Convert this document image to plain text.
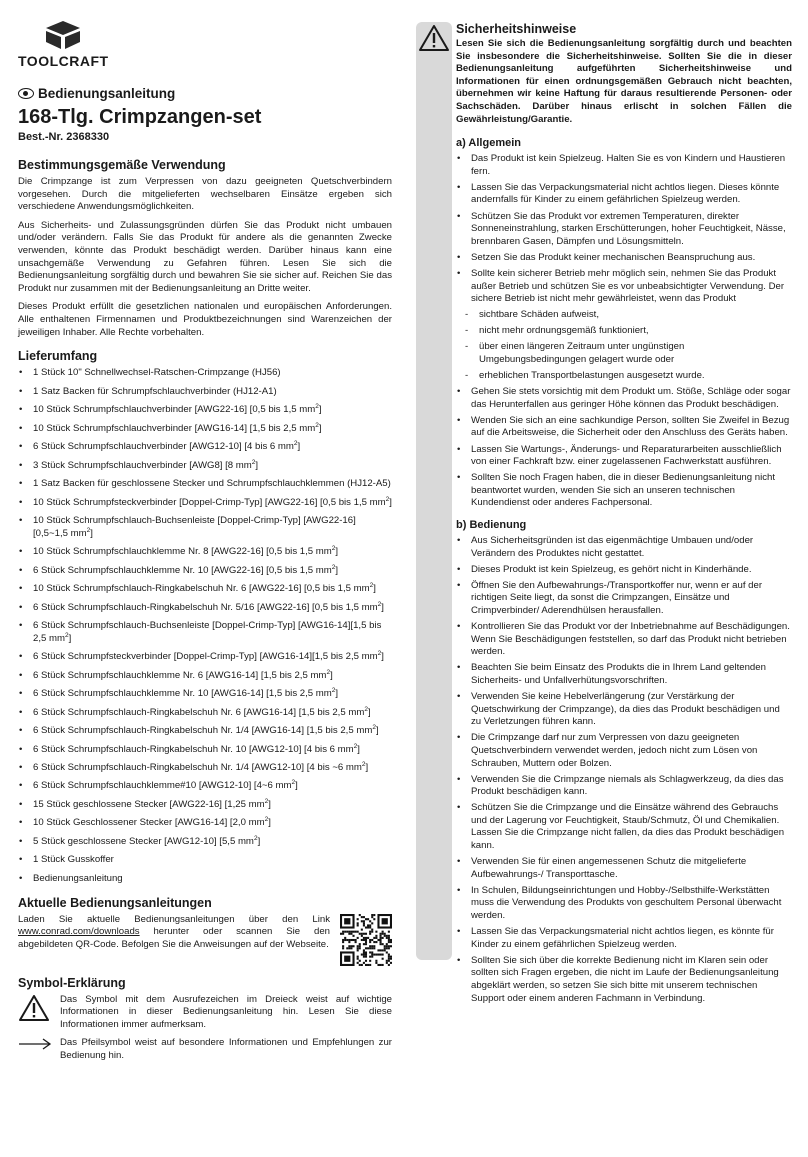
TOOLCRAFT
Bedienungsanleitung
168-Tlg. Crimpzangen-set
Best.-Nr. 2368330
Bestimmungsgemäße Verwendung

Die Crimpzange ist zum Verpressen von dazu geeigneten Quetschverbindern vorgesehen. Durch die mitgelieferten wechselbaren Einsätze ergeben sich verschiedene Anwendungsmöglichkeiten.

Aus Sicherheits- und Zulassungsgründen dürfen Sie das Produkt nicht umbauen und/oder verändern. Falls Sie das Produkt für andere als die genannten Zwecke verwenden, könnte das Produkt beschädigt werden. Darüber hinaus kann eine unsachgemäße Verwendung zu Gefahren führen. Lesen Sie sich die Bedienungsanleitung sorgfältig durch und bewahren Sie sie sicher auf. Reichen Sie das Produkt nur zusammen mit der Bedienungsanleitung an Dritte weiter.

Dieses Produkt erfüllt die gesetzlichen nationalen und europäischen Anforderungen. Alle enthaltenen Firmennamen und Produktbezeichnungen sind Warenzeichen der jeweiligen Inhaber. Alle Rechte vorbehalten.

Lieferumfang
• 1 Stück 10" Schnellwechsel-Ratschen-Crimpzange (HJ56)
• 1 Satz Backen für Schrumpfschlauchverbinder (HJ12-A1)
• 10 Stück Schrumpfschlauchverbinder [AWG22-16] [0,5 bis 1,5 $mm^2$]
• 10 Stück Schrumpfschlauchverbinder [AWG16-14] [1,5 bis 2,5 $mm^2$]
• 6 Stück Schrumpfschlauchverbinder [AWG12-10] [4 bis 6 $mm^2$]
• 3 Stück Schrumpfschlauchverbinder [AWG8] [8 $mm^2$]
• 1 Satz Backen für geschlossene Stecker und Schrumpfschlauchklemmen (HJ12-A5)
• 10 Stück Schrumpfsteckverbinder [Doppel-Crimp-Typ] [AWG22-16] [0,5 bis 1,5 $mm^2$]
• 10 Stück Schrumpfschlauch-Buchsenleiste [Doppel-Crimp-Typ] [AWG22-16] [0,5~1,5 $mm^2$]
• 10 Stück Schrumpfschlauchklemme Nr. 8 [AWG22-16] [0,5 bis 1,5 $mm^2$]
• 6 Stück Schrumpfschlauchklemme Nr. 10 [AWG22-16] [0,5 bis 1,5 $mm^2$]
• 10 Stück Schrumpfschlauch-Ringkabelschuh Nr. 6 [AWG22-16] [0,5 bis 1,5 $mm^2$]
• 6 Stück Schrumpfschlauch-Ringkabelschuh Nr. 5/16 [AWG22-16] [0,5 bis 1,5 $mm^2$]
• 6 Stück Schrumpfschlauch-Buchsenleiste [Doppel-Crimp-Typ] [AWG16-14][1,5 bis 2,5 $mm^2$]
• 6 Stück Schrumpfsteckverbinder [Doppel-Crimp-Typ] [AWG16-14][1,5 bis 2,5 $mm^2$]
• 6 Stück Schrumpfschlauchklemme Nr. 6 [AWG16-14] [1,5 bis 2,5 $mm^2$]
• 6 Stück Schrumpfschlauchklemme Nr. 10 [AWG16-14] [1,5 bis 2,5 $mm^2$]
• 6 Stück Schrumpfschlauch-Ringkabelschuh Nr. 6 [AWG16-14] [1,5 bis 2,5 $mm^2$]
• 6 Stück Schrumpfschlauch-Ringkabelschuh Nr. 1/4 [AWG16-14] [1,5 bis 2,5 $mm^2$]
• 6 Stück Schrumpfschlauch-Ringkabelschuh Nr. 10 [AWG12-10] [4 bis 6 $mm^2$]
• 6 Stück Schrumpfschlauch-Ringkabelschuh Nr. 1/4 [AWG12-10] [4 bis ~6 $mm^2$]
• 6 Stück Schrumpfschlauchklemme#10 [AWG12-10] [4~6 $mm^2$]
• 15 Stück geschlossene Stecker [AWG22-16] [1,25 $mm^2$]
• 10 Stück Geschlossener Stecker [AWG16-14] [2,0 $mm^2$]
• 5 Stück geschlossene Stecker [AWG12-10] [5,5 $mm^2$]
• 1 Stück Gusskoffer
• Bedienungsanleitung
Aktuelle Bedienungsanleitungen

Laden Sie aktuelle Bedienungsanleitungen über den Link www.conrad.com/downloads herunter oder scannen Sie den abgebildeten QR-Code. Befolgen Sie die Anweisungen auf der Webseite.

Symbol-Erklärung

Das Symbol mit dem Ausrufezeichen im Dreieck weist auf wichtige Informationen in dieser Bedienungsanleitung hin. Lesen Sie diese Informationen immer aufmerksam.

Das Pfeilsymbol weist auf besondere Informationen und Empfehlungen zur Bedienung hin.

Sicherheitshinweise
Lesen Sie sich die Bedienungsanleitung sorgfältig durch und beachten Sie insbesondere die Sicherheitshinweise. Sollten Sie die in dieser Bedienungsanleitung aufgeführten Sicherheitshinweise und Informationen für einen ordnungsgemäßen Gebrauch nicht beachten, übernehmen wir keine Haftung für daraus resultierende Personen- oder Sachschäden. Darüber hinaus erlischt in solchen Fällen die Gewährleistung/Garantie.
a) Allgemein
• Das Produkt ist kein Spielzeug. Halten Sie es von Kindern und Haustieren fern.
• Lassen Sie das Verpackungsmaterial nicht achtlos liegen. Dieses könnte andernfalls für Kinder zu einem gefährlichen Spielzeug werden.
• Schützen Sie das Produkt vor extremen Temperaturen, direkter Sonneneinstrahlung, starken Erschütterungen, hoher Feuchtigkeit, Nässe, brennbaren Gasen, Dämpfen und Lösungsmitteln.
• Setzen Sie das Produkt keiner mechanischen Beanspruchung aus.
• Sollte kein sicherer Betrieb mehr möglich sein, nehmen Sie das Produkt außer Betrieb und schützen Sie es vor unbeabsichtigter Verwendung. Der sichere Betrieb ist nicht mehr gewährleistet, wenn das Produkt
- sichtbare Schäden aufweist,
- nicht mehr ordnungsgemäß funktioniert,
- über einen längeren Zeitraum unter ungünstigen Umgebungsbedingungen gelagert wurde oder
- erheblichen Transportbelastungen ausgesetzt wurde.
• Gehen Sie stets vorsichtig mit dem Produkt um. Stöße, Schläge oder sogar das Herunterfallen aus geringer Höhe können das Produkt beschädigen.
• Wenden Sie sich an eine sachkundige Person, sollten Sie Zweifel in Bezug auf die Arbeitsweise, die Sicherheit oder den Anschluss des Geräts haben.
• Lassen Sie Wartungs-, Änderungs- und Reparaturarbeiten ausschließlich von einer Fachkraft bzw. einer zugelassenen Fachwerkstatt ausführen.
• Sollten Sie noch Fragen haben, die in dieser Bedienungsanleitung nicht beantwortet wurden, wenden Sie sich an unseren technischen Kundendienst oder anderes Fachpersonal.
b) Bedienung
• Aus Sicherheitsgründen ist das eigenmächtige Umbauen und/oder Verändern des Produktes nicht gestattet.
• Dieses Produkt ist kein Spielzeug, es gehört nicht in Kinderhände.
• Öffnen Sie den Aufbewahrungs-/Transportkoffer nur, wenn er auf der richtigen Seite liegt, da sonst die Crimpzangen, Einsätze und Crimpverbinder/ Aderendhülsen herausfallen.
• Kontrollieren Sie das Produkt vor der Inbetriebnahme auf Beschädigungen. Wenn Sie Beschädigungen feststellen, so darf das Produkt nicht betrieben werden.
• Beachten Sie beim Einsatz des Produkts die in Ihrem Land geltenden Sicherheits- und Unfallverhütungsvorschriften.
• Verwenden Sie keine Hebelverlängerung (zur Verstärkung der Quetschwirkung der Crimpzange), da dies das Produkt beschädigen und zu Verletzungen führen kann.
• Die Crimpzange darf nur zum Verpressen von dazu geeigneten Quetschverbindern verwendet werden, jedoch nicht zum Lösen von Schrauben, Muttern oder Bolzen.
• Verwenden Sie die Crimpzange niemals als Schlagwerkzeug, da dies das Produkt beschädigen kann.
• Schützen Sie die Crimpzange und die Einsätze während des Gebrauchs und der Lagerung vor Feuchtigkeit, Staub/Schmutz, Öl und Chemikalien. Lassen Sie die Crimpzange nicht fallen, da dies das Produkt beschädigen kann.
• Verwenden Sie für einen angemessenen Schutz die mitgelieferte Aufbewahrungs-/ Transporttasche.
• In Schulen, Bildungseinrichtungen und Hobby-/Selbsthilfe-Werkstätten muss die Verwendung des Produkts von geschultem Personal überwacht werden.
• Lassen Sie das Verpackungsmaterial nicht achtlos liegen, es könnte für Kinder zu einem gefährlichen Spielzeug werden.
• Sollten Sie sich über die korrekte Bedienung nicht im Klaren sein oder sollten sich Fragen ergeben, die nicht im Laufe der Bedienungsanleitung abgeklärt werden, so setzen Sie sich bitte mit unserem technischen Support oder einem anderen Fachmann in Verbindung.
